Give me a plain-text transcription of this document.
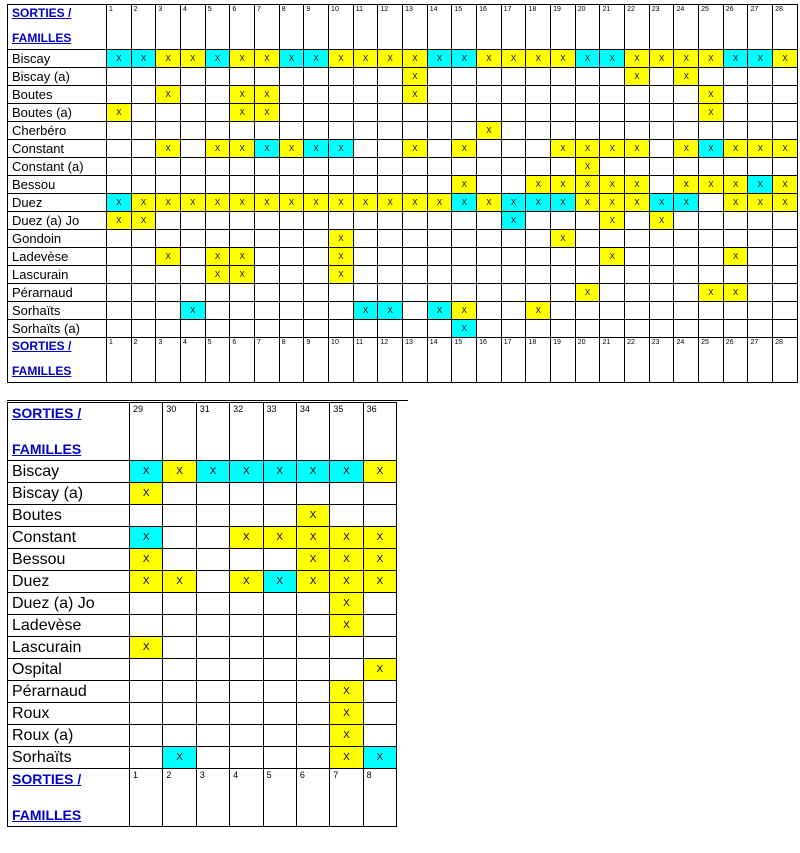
SORTIES /
FAMILLES	1	2	3	4	5	6	7	8	9	10	11	12	13	14	15	16	17	18	19	20	21	22	23	24	25	26	27	28
Biscay	X	X	X	X	X	X	X	X	X	X	X	X	X	X	X	X	X	X	X	X	X	X	X	X	X	X	X	X
Biscay (a)													X									X		X				
Boutes			X			X	X						X												X			
Boutes (a)	X					X	X																		X			
Cherbéro																X												
Constant			X		X	X	X	X	X	X			X		X				X	X	X	X		X	X	X	X	X
Constant (a)																				X								
Bessou															X			X	X	X	X	X		X	X	X	X	X
Duez	X	X	X	X	X	X	X	X	X	X	X	X	X	X	X	X	X	X	X	X	X	X	X	X		X	X	X
Duez (a) Jo	X	X															X				X		X					
Gondoin										X									X									
Ladevèse			X		X	X				X											X					X		
Lascurain					X	X				X																		
Pérarnaud																				X					X	X		
Sorhaïts				X							X	X		X	X			X										
Sorhaïts (a)															X													

SORTIES /
FAMILLES	1	2	3	4	5	6	7	8	9	10	11	12	13	14	15	16	17	18	19	20	21	22	23	24	25	26	27	28
SORTIES /
FAMILLES	29	30	31	32	33	34	35	36
Biscay	X	X	X	X	X	X	X	X
Biscay (a)	X							
Boutes						X		
Constant	X			X	X	X	X	X
Bessou	X					X	X	X
Duez	X	X		X	X	X	X	X
Duez (a) Jo							X	
Ladevèse							X	
Lascurain	X							
Ospital								X
Pérarnaud							X	
Roux							X	
Roux (a)							X	
Sorhaïts		X					X	X

SORTIES /
FAMILLES	1	2	3	4	5	6	7	8
